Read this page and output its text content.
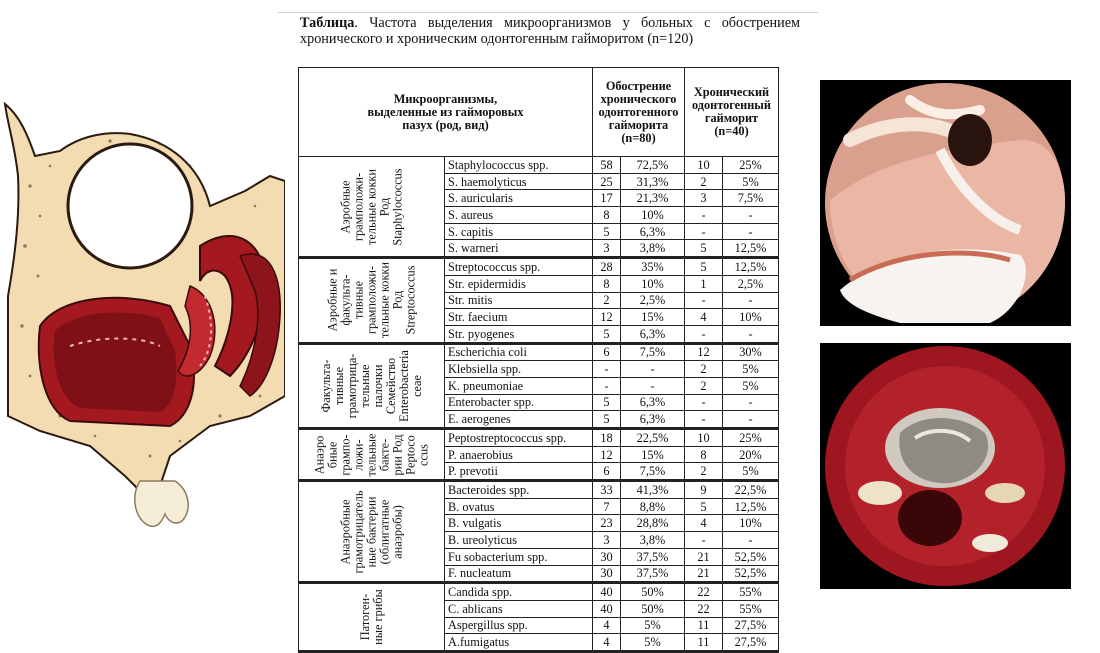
Таблица. Частота выделения микроорганизмов у больных с обострением хронического и хроническим одонтогенным гайморитом (n=120)

Микроорганизмы, выделенные из гайморовых пазух (род, вид)		Обострение хронического одонтогенного гайморита (n=80)		Хронический одонтогенный гайморит (n=40)	

Аэробные грамположи- тельные кокки Род Staphylococcus	Staphylococcus spp.	58	72,5%	10	25%
	S. haemolyticus	25	31,3%	2	5%
	S. auricularis	17	21,3%	3	7,5%
	S. aureus	8	10%	-	-
	S. capitis	5	6,3%	-	-
	S. warneri	3	3,8%	5	12,5%

Аэробные и факульта- тивные грамположи- тельные кокки Род Streptococcus	Streptococcus spp.	28	35%	5	12,5%
	Str. epidermidis	8	10%	1	2,5%
	Str. mitis	2	2,5%	-	-
	Str. faecium	12	15%	4	10%
	Str. pyogenes	5	6,3%	-	-

Факульта- тивные грамотрица- тельные палочки Семейство Enterobacteria ceae	Escherichia coli	6	7,5%	12	30%
	Klebsiella spp.	-	-	2	5%
	K. pneumoniae	-	-	2	5%
	Enterobacter spp.	5	6,3%	-	-
	E. aerogenes	5	6,3%	-	-

Анаэро бные грампо- ложи- тельные бакте- рии Род Peptoco ccus	Peptostreptococcus spp.	18	22,5%	10	25%
	P. anaerobius	12	15%	8	20%
	P. prevotii	6	7,5%	2	5%

Анаэробные грамотрицатель ные бактерии (облигатные анаэробы)	Bacteroides spp.	33	41,3%	9	22,5%
	B. ovatus	7	8,8%	5	12,5%
	B. vulgatis	23	28,8%	4	10%
	B. ureolyticus	3	3,8%	-	-
	Fu sobacterium spp.	30	37,5%	21	52,5%
	F. nucleatum	30	37,5%	21	52,5%

Патоген- ные грибы	Candida spp.	40	50%	22	55%
	C. ablicans	40	50%	22	55%
	Aspergillus spp.	4	5%	11	27,5%
	A.fumigatus	4	5%	11	27,5%
